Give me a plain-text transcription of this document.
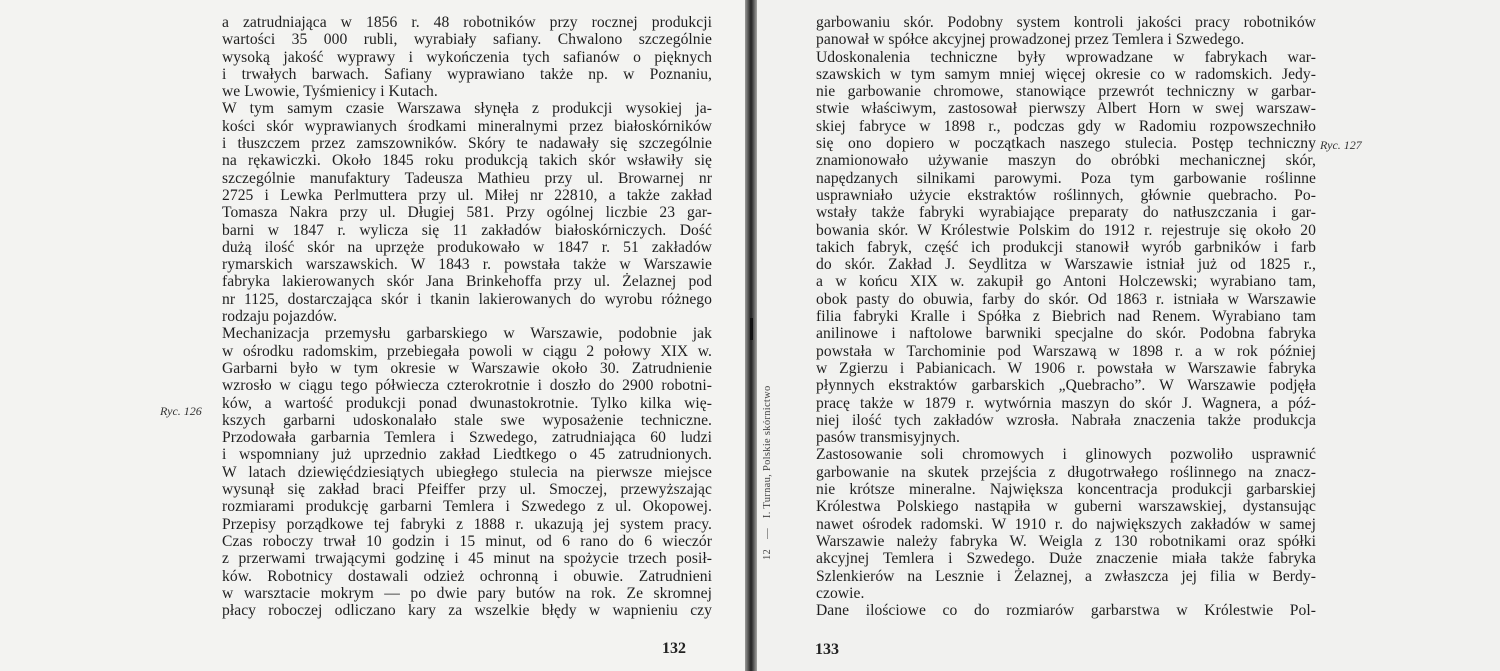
a zatrudniająca w 1856 r. 48 robotników przy rocznej produkcji
wartości 35 000 rubli, wyrabiały safiany. Chwalono szczególnie
wysoką jakość wyprawy i wykończenia tych safianów o pięknych
i trwałych barwach. Safiany wyprawiano także np. w Poznaniu,
we Lwowie, Tyśmienicy i Kutach.
W tym samym czasie Warszawa słynęła z produkcji wysokiej ja-
kości skór wyprawianych środkami mineralnymi przez białoskórników
i tłuszczem przez zamszowników. Skóry te nadawały się szczególnie
na rękawiczki. Około 1845 roku produkcją takich skór wsławiły się
szczególnie manufaktury Tadeusza Mathieu przy ul. Browarnej nr
2725 i Lewka Perlmuttera przy ul. Miłej nr 22810, a także zakład
Tomasza Nakra przy ul. Długiej 581. Przy ogólnej liczbie 23 gar-
barni w 1847 r. wylicza się 11 zakładów białoskórniczych. Dość
dużą ilość skór na uprzęże produkowało w 1847 r. 51 zakładów
rymarskich warszawskich. W 1843 r. powstała także w Warszawie
fabryka lakierowanych skór Jana Brinkehoffa przy ul. Żelaznej pod
nr 1125, dostarczająca skór i tkanin lakierowanych do wyrobu różnego
rodzaju pojazdów.
Mechanizacja przemysłu garbarskiego w Warszawie, podobnie jak
w ośrodku radomskim, przebiegała powoli w ciągu 2 połowy XIX w.
Garbarni było w tym okresie w Warszawie około 30. Zatrudnienie
wzrosło w ciągu tego półwiecza czterokrotnie i doszło do 2900 robotni-
ków, a wartość produkcji ponad dwunastokrotnie. Tylko kilka wię-
kszych garbarni udoskonalało stale swe wyposażenie techniczne.
Przodowała garbarnia Temlera i Szwedego, zatrudniająca 60 ludzi
i wspomniany już uprzednio zakład Liedtkego o 45 zatrudnionych.
W latach dziewięćdziesiątych ubiegłego stulecia na pierwsze miejsce
wysunął się zakład braci Pfeiffer przy ul. Smoczej, przewyższając
rozmiarami produkcję garbarni Temlera i Szwedego z ul. Okopowej.
Przepisy porządkowe tej fabryki z 1888 r. ukazują jej system pracy.
Czas roboczy trwał 10 godzin i 15 minut, od 6 rano do 6 wieczór
z przerwami trwającymi godzinę i 45 minut na spożycie trzech posił-
ków. Robotnicy dostawali odzież ochronną i obuwie. Zatrudnieni
w warsztacie mokrym — po dwie pary butów na rok. Ze skromnej
płacy roboczej odliczano kary za wszelkie błędy w wapnieniu czy

Ryc. 126
132
12—I. Turnau, Polskie skórnictwo

garbowaniu skór. Podobny system kontroli jakości pracy robotników
panował w spółce akcyjnej prowadzonej przez Temlera i Szwedego.
Udoskonalenia techniczne były wprowadzane w fabrykach war-
szawskich w tym samym mniej więcej okresie co w radomskich. Jedy-
nie garbowanie chromowe, stanowiące przewrót techniczny w garbar-
stwie właściwym, zastosował pierwszy Albert Horn w swej warszaw-
skiej fabryce w 1898 r., podczas gdy w Radomiu rozpowszechniło
się ono dopiero w początkach naszego stulecia. Postęp techniczny
znamionowało używanie maszyn do obróbki mechanicznej skór,
napędzanych silnikami parowymi. Poza tym garbowanie roślinne
usprawniało użycie ekstraktów roślinnych, głównie quebracho. Po-
wstały także fabryki wyrabiające preparaty do natłuszczania i gar-
bowania skór. W Królestwie Polskim do 1912 r. rejestruje się około 20
takich fabryk, część ich produkcji stanowił wyrób garbników i farb
do skór. Zakład J. Seydlitza w Warszawie istniał już od 1825 r.,
a w końcu XIX w. zakupił go Antoni Holczewski; wyrabiano tam,
obok pasty do obuwia, farby do skór. Od 1863 r. istniała w Warszawie
filia fabryki Kralle i Spółka z Biebrich nad Renem. Wyrabiano tam
anilinowe i naftolowe barwniki specjalne do skór. Podobna fabryka
powstała w Tarchominie pod Warszawą w 1898 r. a w rok później
w Zgierzu i Pabianicach. W 1906 r. powstała w Warszawie fabryka
płynnych ekstraktów garbarskich „Quebracho”. W Warszawie podjęła
pracę także w 1879 r. wytwórnia maszyn do skór J. Wagnera, a póź-
niej ilość tych zakładów wzrosła. Nabrała znaczenia także produkcja
pasów transmisyjnych.
Zastosowanie soli chromowych i glinowych pozwoliło usprawnić
garbowanie na skutek przejścia z długotrwałego roślinnego na znacz-
nie krótsze mineralne. Największa koncentracja produkcji garbarskiej
Królestwa Polskiego nastąpiła w guberni warszawskiej, dystansując
nawet ośrodek radomski. W 1910 r. do największych zakładów w samej
Warszawie należy fabryka W. Weigla z 130 robotnikami oraz spółki
akcyjnej Temlera i Szwedego. Duże znaczenie miała także fabryka
Szlenkierów na Lesznie i Żelaznej, a zwłaszcza jej filia w Berdy-
czowie.
Dane ilościowe co do rozmiarów garbarstwa w Królestwie Pol-

Ryc. 127
133
